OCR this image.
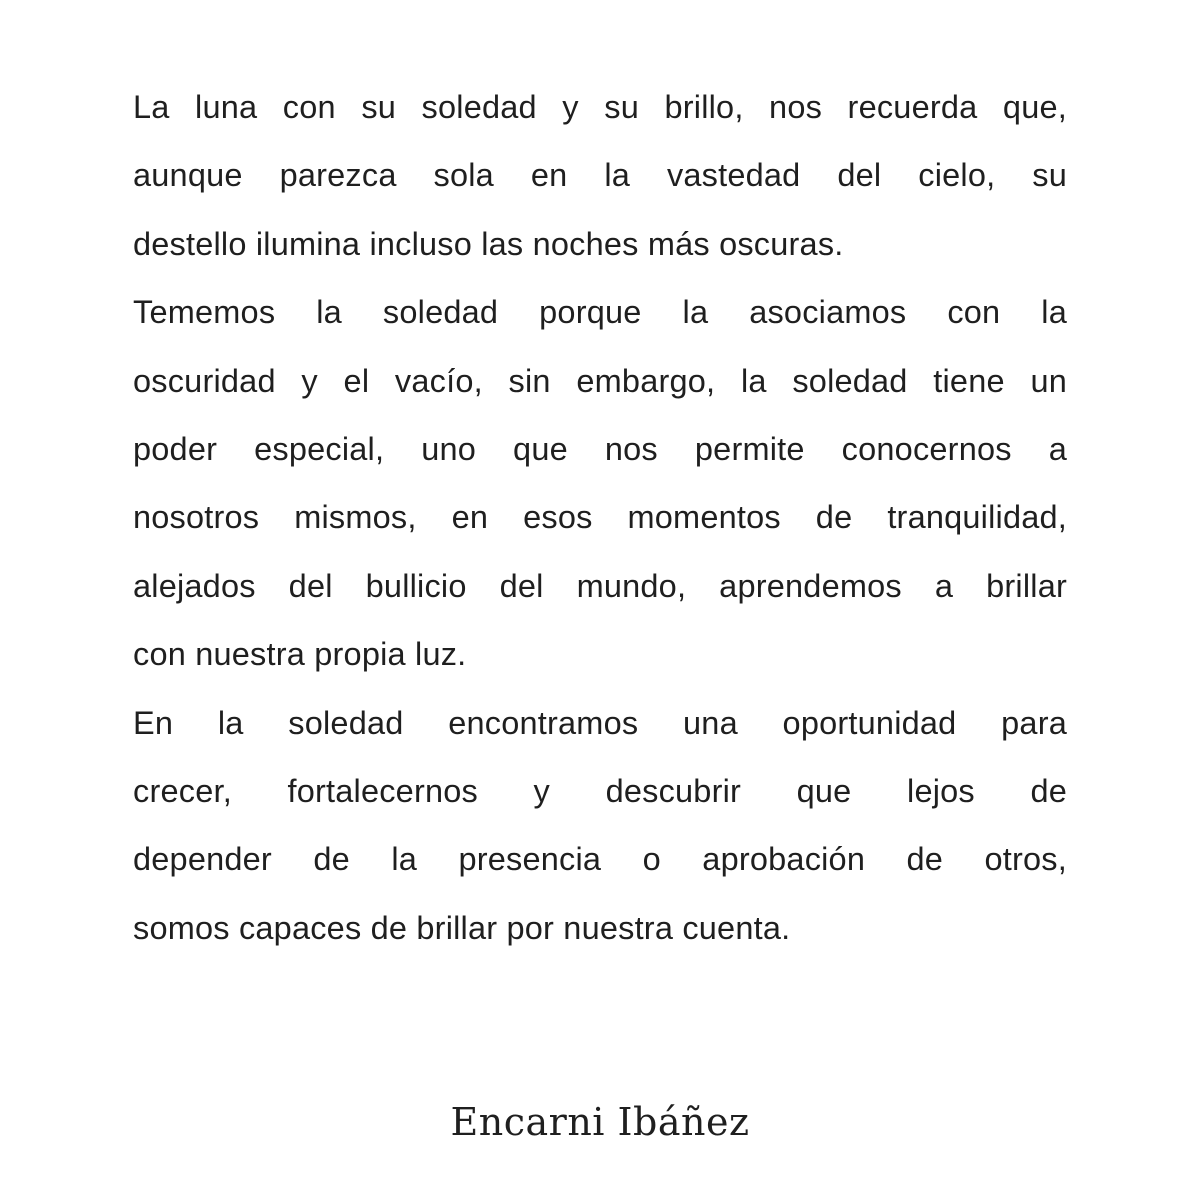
La luna con su soledad y su brillo, nos recuerda que,
aunque parezca sola en la vastedad del cielo, su
destello ilumina incluso las noches más oscuras.
Tememos la soledad porque la asociamos con la
oscuridad y el vacío, sin embargo, la soledad tiene un
poder especial, uno que nos permite conocernos a
nosotros mismos, en esos momentos de tranquilidad,
alejados del bullicio del mundo, aprendemos a brillar
con nuestra propia luz.
En la soledad encontramos una oportunidad para
crecer, fortalecernos y descubrir que lejos de
depender de la presencia o aprobación de otros,
somos capaces de brillar por nuestra cuenta.
Encarni Ibáñez
